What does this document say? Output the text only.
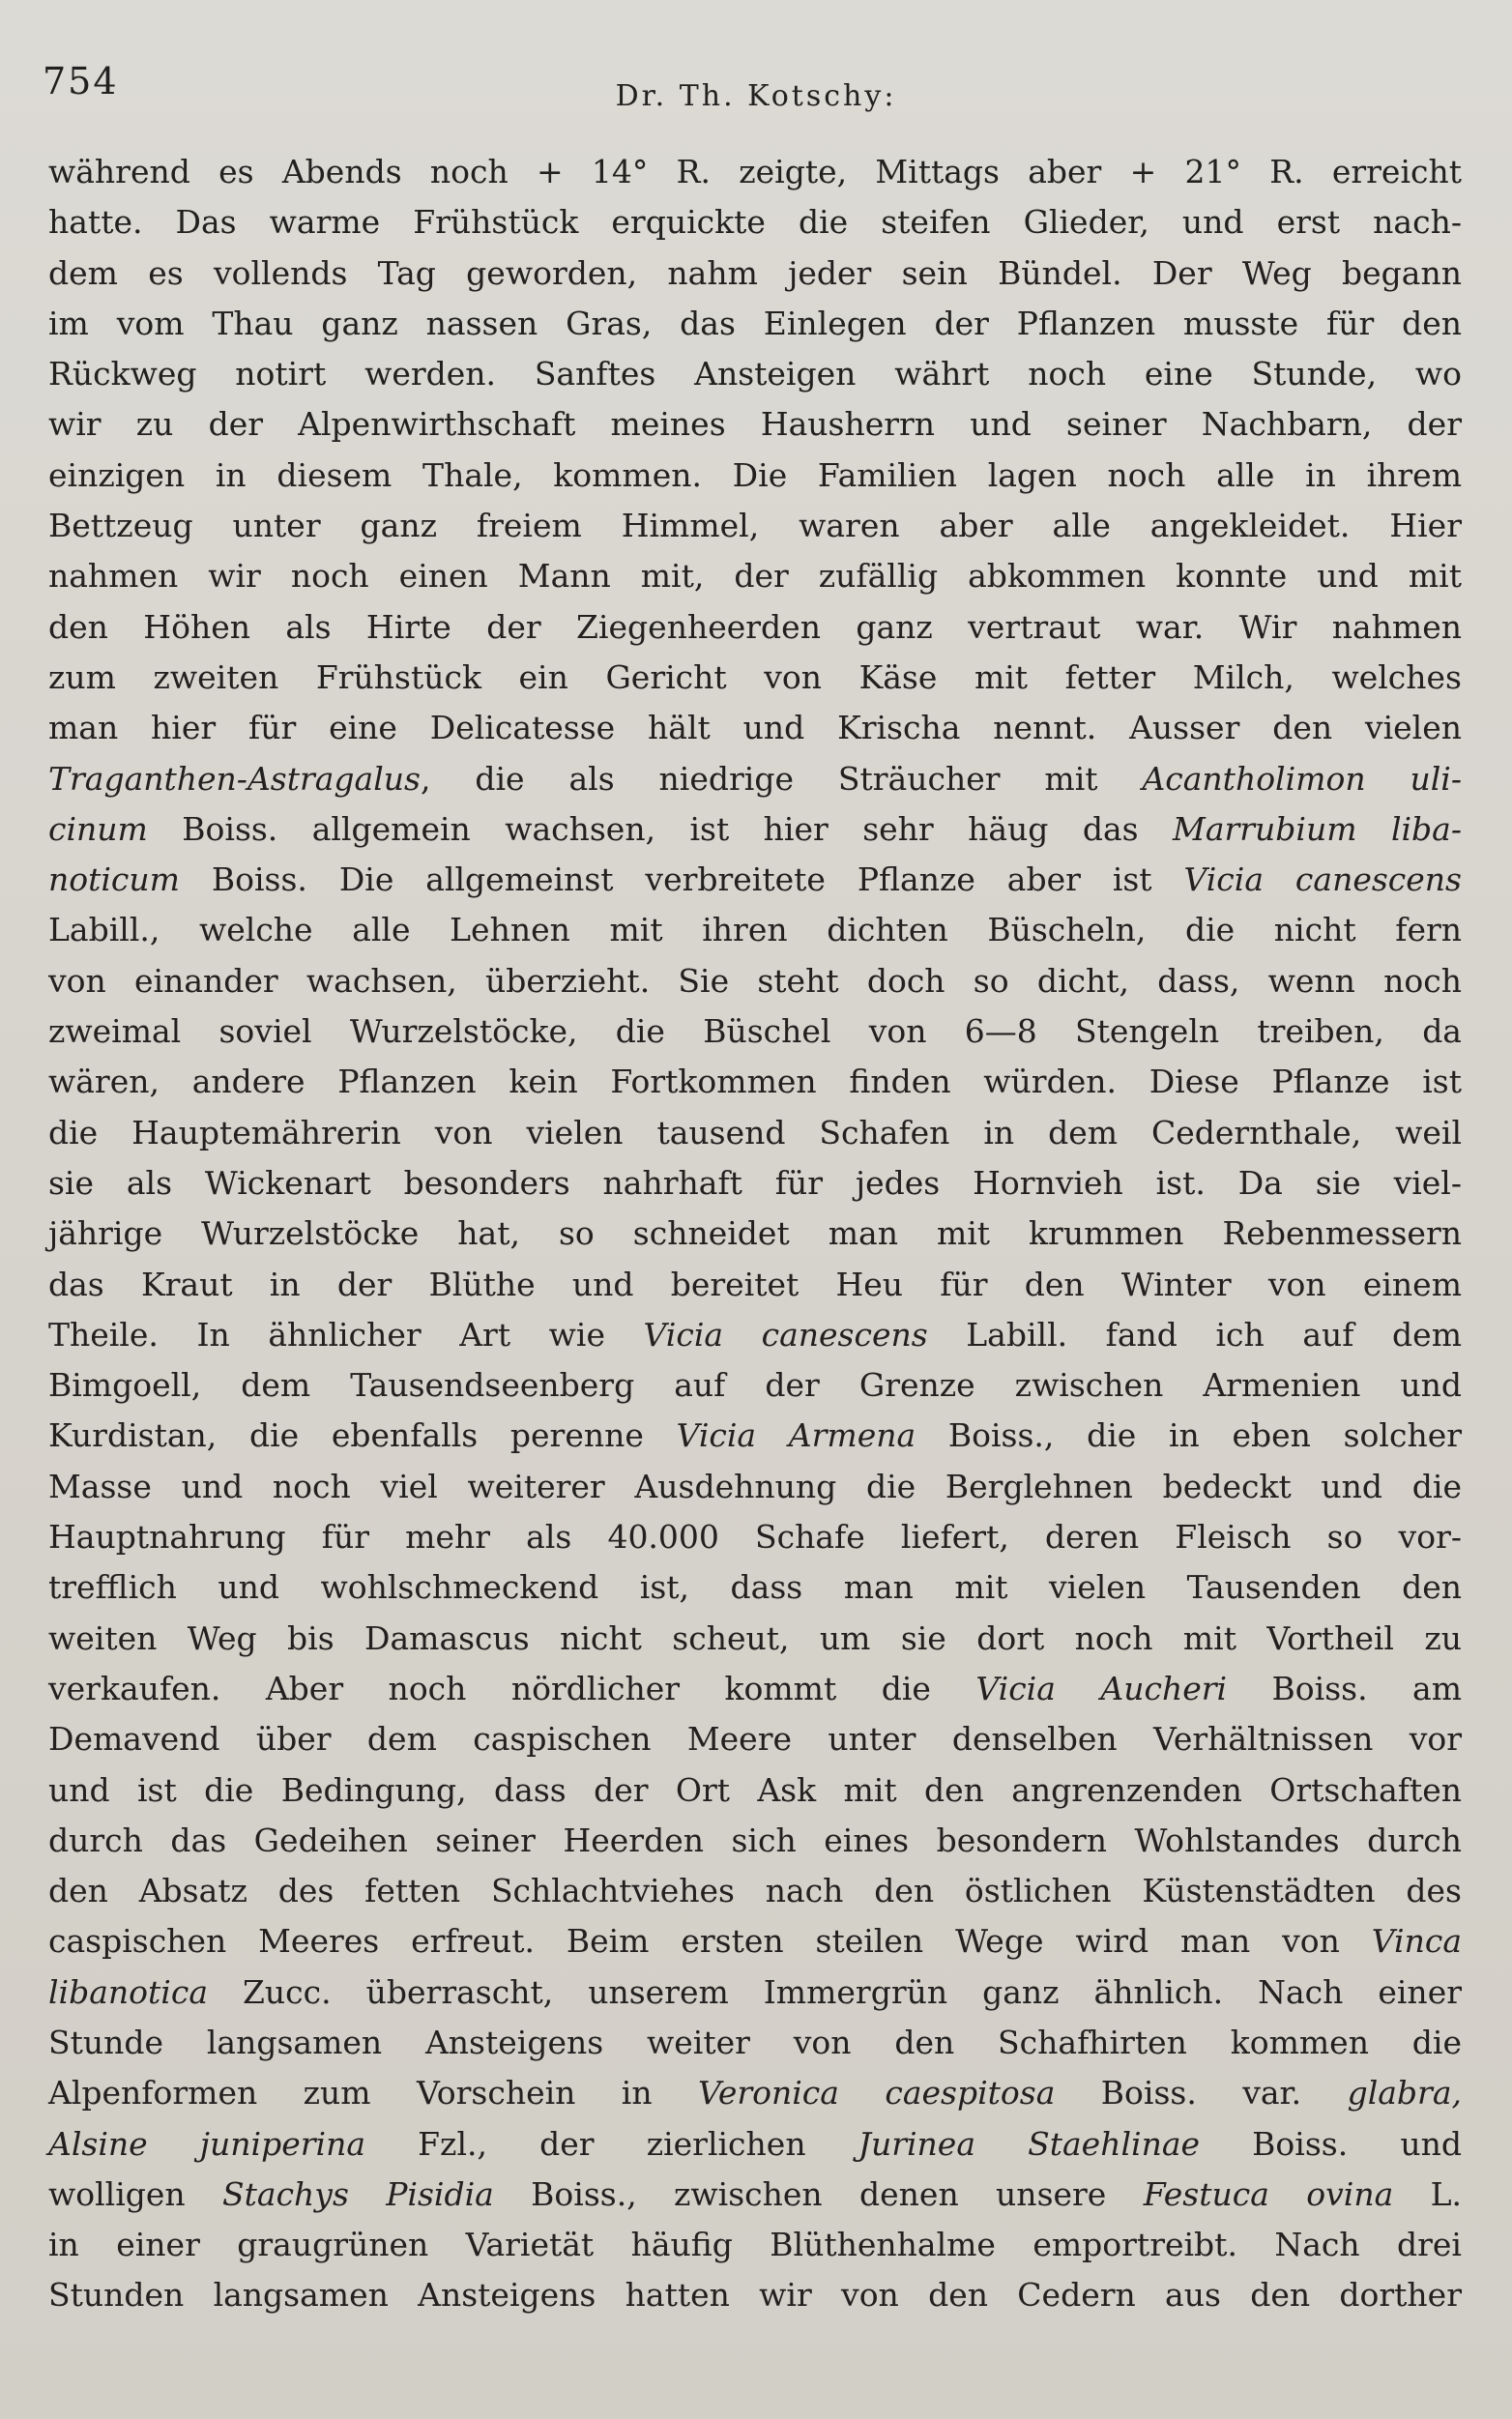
754	Dr. Th. Kotschy:
während es Abends noch + 14° R. zeigte, Mittags aber + 21° R. erreicht
hatte. Das warme Frühstück erquickte die steifen Glieder, und erst nach-
dem es vollends Tag geworden, nahm jeder sein Bündel. Der Weg begann
im vom Thau ganz nassen Gras, das Einlegen der Pflanzen musste für den
Rückweg notirt werden. Sanftes Ansteigen währt noch eine Stunde, wo
wir zu der Alpenwirthschaft meines Hausherrn und seiner Nachbarn, der
einzigen in diesem Thale, kommen. Die Familien lagen noch alle in ihrem
Bettzeug unter ganz freiem Himmel, waren aber alle angekleidet. Hier
nahmen wir noch einen Mann mit, der zufällig abkommen konnte und mit
den Höhen als Hirte der Ziegenheerden ganz vertraut war. Wir nahmen
zum zweiten Frühstück ein Gericht von Käse mit fetter Milch, welches
man hier für eine Delicatesse hält und Krischa nennt. Ausser den vielen
Traganthen-Astragalus, die als niedrige Sträucher mit Acantholimon uli-
cinum Boiss. allgemein wachsen, ist hier sehr häug das Marrubium liba-
noticum Boiss. Die allgemeinst verbreitete Pflanze aber ist Vicia canescens
Labill., welche alle Lehnen mit ihren dichten Büscheln, die nicht fern
von einander wachsen, überzieht. Sie steht doch so dicht, dass, wenn noch
zweimal soviel Wurzelstöcke, die Büschel von 6—8 Stengeln treiben, da
wären, andere Pflanzen kein Fortkommen finden würden. Diese Pflanze ist
die Hauptemährerin von vielen tausend Schafen in dem Cedernthale, weil
sie als Wickenart besonders nahrhaft für jedes Hornvieh ist. Da sie viel-
jährige Wurzelstöcke hat, so schneidet man mit krummen Rebenmessern
das Kraut in der Blüthe und bereitet Heu für den Winter von einem
Theile. In ähnlicher Art wie Vicia canescens Labill. fand ich auf dem
Bimgoell, dem Tausendseenberg auf der Grenze zwischen Armenien und
Kurdistan, die ebenfalls perenne Vicia Armena Boiss., die in eben solcher
Masse und noch viel weiterer Ausdehnung die Berglehnen bedeckt und die
Hauptnahrung für mehr als 40.000 Schafe liefert, deren Fleisch so vor-
trefflich und wohlschmeckend ist, dass man mit vielen Tausenden den
weiten Weg bis Damascus nicht scheut, um sie dort noch mit Vortheil zu
verkaufen. Aber noch nördlicher kommt die Vicia Aucheri Boiss. am
Demavend über dem caspischen Meere unter denselben Verhältnissen vor
und ist die Bedingung, dass der Ort Ask mit den angrenzenden Ortschaften
durch das Gedeihen seiner Heerden sich eines besondern Wohlstandes durch
den Absatz des fetten Schlachtviehes nach den östlichen Küstenstädten des
caspischen Meeres erfreut. Beim ersten steilen Wege wird man von Vinca
libanotica Zucc. überrascht, unserem Immergrün ganz ähnlich. Nach einer
Stunde langsamen Ansteigens weiter von den Schafhirten kommen die
Alpenformen zum Vorschein in Veronica caespitosa Boiss. var. glabra,
Alsine juniperina Fzl., der zierlichen Jurinea Staehlinae Boiss. und
wolligen Stachys Pisidia Boiss., zwischen denen unsere Festuca ovina L.
in einer graugrünen Varietät häufig Blüthenhalme emportreibt. Nach drei
Stunden langsamen Ansteigens hatten wir von den Cedern aus den dorther
